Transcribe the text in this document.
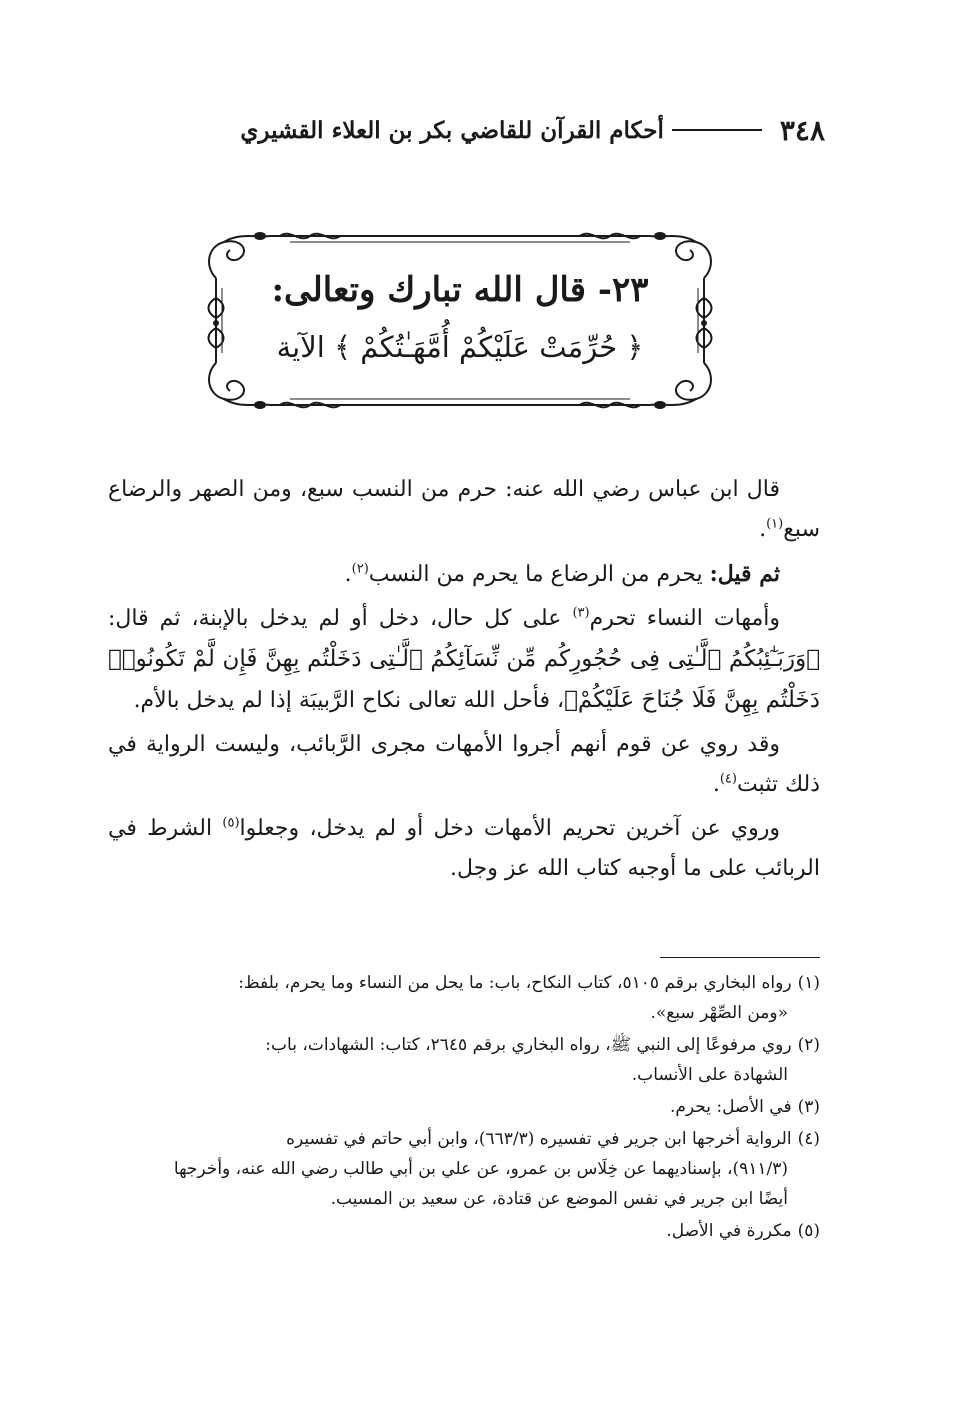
٣٤٨
أحكام القرآن للقاضي بكر بن العلاء القشيري
٢٣- قال الله تبارك وتعالى:
﴿ حُرِّمَتْ عَلَيْكُمْ أُمَّهَـٰتُكُمْ ﴾ الآية

قال ابن عباس رضي الله عنه: حرم من النسب سبع، ومن الصهر والرضاع سبع$^{(١)}$.

ثم قيل: يحرم من الرضاع ما يحرم من النسب$^{(٢)}$.

وأمهات النساء تحرم$^{(٣)}$ على كل حال، دخل أو لم يدخل بالإبنة، ثم قال: ﴿وَرَبَـٰٓئِبُكُمُ ٱلَّـٰتِى فِى حُجُورِكُم مِّن نِّسَآئِكُمُ ٱلَّـٰتِى دَخَلْتُم بِهِنَّ فَإِن لَّمْ تَكُونُوا۟ دَخَلْتُم بِهِنَّ فَلَا جُنَاحَ عَلَيْكُمْ﴾، فأحل الله تعالى نكاح الرَّبيبَة إذا لم يدخل بالأم.

وقد روي عن قوم أنهم أجروا الأمهات مجرى الرَّبائب، وليست الرواية في ذلك تثبت$^{(٤)}$.

وروي عن آخرين تحريم الأمهات دخل أو لم يدخل، وجعلوا$^{(٥)}$ الشرط في الربائب على ما أوجبه كتاب الله عز وجل.

(١)رواه البخاري برقم ٥١٠٥، كتاب النكاح، باب: ما يحل من النساء وما يحرم، بلفظ:
«ومن الصِّهْر سبع».
(٢)روي مرفوعًا إلى النبي ﷺ، رواه البخاري برقم ٢٦٤٥، كتاب: الشهادات، باب:
الشهادة على الأنساب.
(٣)في الأصل: يحرم.
(٤)الرواية أخرجها ابن جرير في تفسيره (٦٦٣/٣)، وابن أبي حاتم في تفسيره
(٩١١/٣)، بإسناديهما عن خِلَاس بن عمرو، عن علي بن أبي طالب رضي الله عنه، وأخرجها
أيضًا ابن جرير في نفس الموضع عن قتادة، عن سعيد بن المسيب.
(٥)مكررة في الأصل.
